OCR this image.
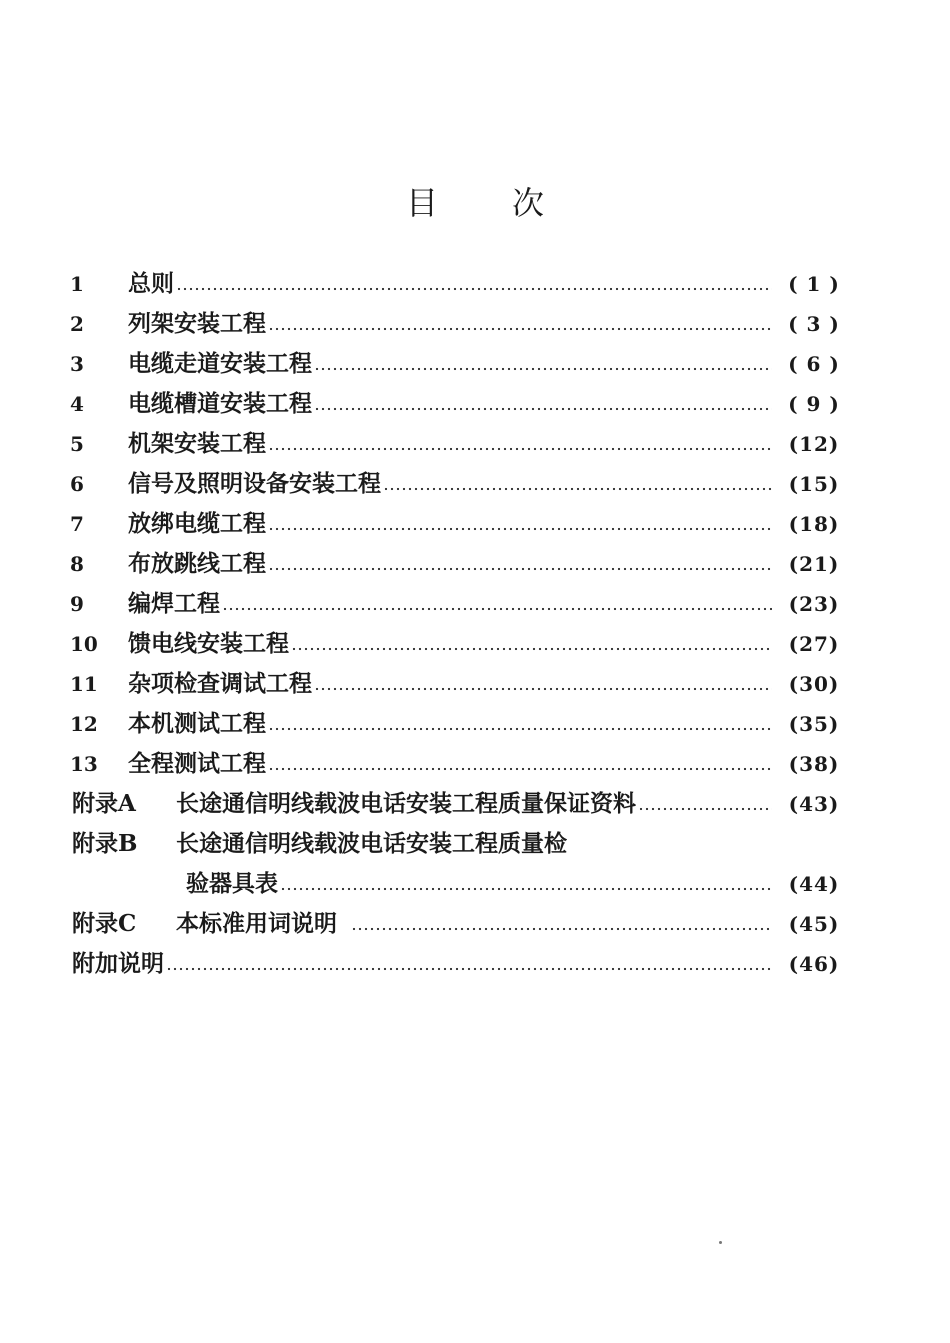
目 次
1	总则	( 1 )
2	列架安装工程	( 3 )
3	电缆走道安装工程	( 6 )
4	电缆槽道安装工程	( 9 )
5	机架安装工程	(12)
6	信号及照明设备安装工程	(15)
7	放绑电缆工程	(18)
8	布放跳线工程	(21)
9	编焊工程	(23)
10	馈电线安装工程	(27)
11	杂项检查调试工程	(30)
12	本机测试工程	(35)
13	全程测试工程	(38)
附录A	长途通信明线载波电话安装工程质量保证资料	(43)
附录B	长途通信明线载波电话安装工程质量检
验器具表	(44)
附录C	本标准用词说明	(45)
附加说明	(46)
